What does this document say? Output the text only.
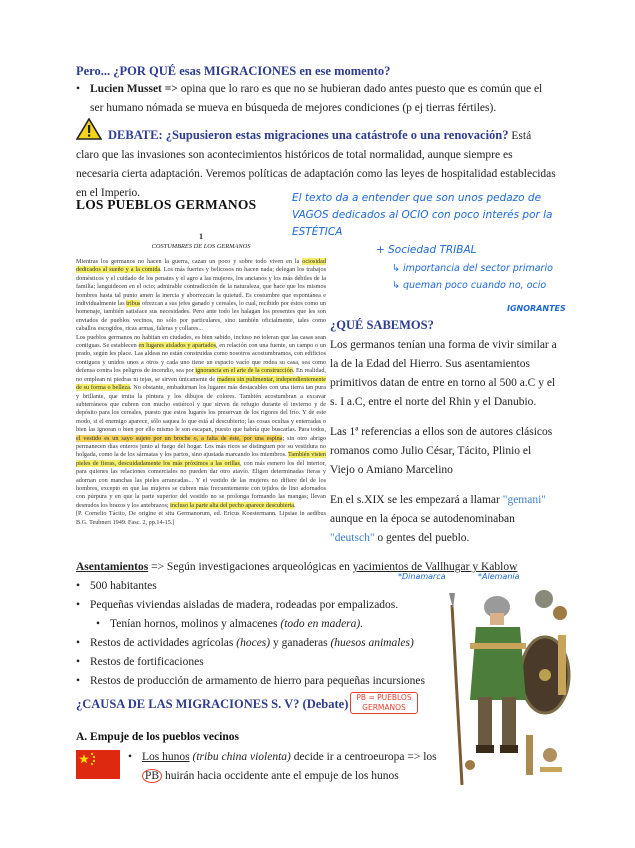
Pero... ¿POR QUÉ esas MIGRACIONES en ese momento?
• Lucien Musset => opina que lo raro es que no se hubieran dado antes puesto que es común que el ser humano nómada se mueva en búsqueda de mejores condiciones (p ej tierras fértiles).
DEBATE: ¿Supusieron estas migraciones una catástrofe o una renovación? Está claro que las invasiones son acontecimientos históricos de total normalidad, aunque siempre es necesaria cierta adaptación. Veremos políticas de adaptación como las leyes de hospitalidad establecidas en el Imperio.
LOS PUEBLOS GERMANOS
1
COSTUMBRES DE LOS GERMANOS
Mientras los germanos no hacen la guerra, cazan un poco y sobre todo viven en la ociosidad dedicados al sueño y a la comida. Los más fuertes y belicosos no hacen nada; delegan los trabajos domésticos y el cuidado de los penates y el agro a las mujeres, los ancianos y los más débiles de la familia; languidecen en el ocio; admirable contradicción de la naturaleza, que hace que los mismos hombres hasta tal punto amen la inercia y aborrezcan la quietud. Es costumbre que espontánea e individualmente las tribus ofrezcan a sus jefes ganado y cereales, lo cual, recibido por éstos como un homenaje, también satisface sus necesidades. Pero ante todo les halagan los presentes que les son enviados de pueblos vecinos, no sólo por particulares, sino también oficialmente, tales como caballos escogidos, ricas armas, faleras y collares...
Los pueblos germanos no habitan en ciudades, es bien sabido, incluso no toleran que las casas sean contiguas. Se establecen en lugares aislados y apartados, en relación con una fuente, un campo o un prado, según les place. Las aldeas no están construidas como nosotros acostumbramos, con edificios contiguos y unidos unos a otros y cada uno tiene un espacio vacío que rodea su casa, sea como defensa contra los peligros de incendio, sea por ignorancia en el arte de la construcción. En realidad, no emplean ni piedras ni tejas, se sirven únicamente de madera sin pulimentar, independientemente de su forma o belleza. No obstante, embadurnan los lugares más destacables con una tierra tan pura y brillante, que imita la pintura y los dibujos de colores. También acostumbran a excavar subterráneos que cubren con mucho estiércol y que sirven de refugio durante el invierno y de depósito para los cereales, puesto que estos lugares los preservan de los rigores del frío. Y de este modo, si el enemigo aparece, sólo saquea lo que está al descubierto; las cosas ocultas y enterradas o bien las ignoran o bien por ello mismo le son escapan, puesto que habría que buscarlas. Para todos, el vestido es un sayo sujeto por un broche o, a falta de éste, por una espina; sin otro abrigo permanecen días enteros junto al fuego del hogar. Los más ricos se distinguen por su vestidura no holgada, como la de los sármatas y los partos, sino ajustada marcando los miembros. También visten pieles de fieras, descuidadamente los más próximos a las orillas, con más esmero los del interior, para quienes las relaciones comerciales no pueden dar otro atavío. Eligen determinadas fieras y adornan con manchas las pieles arrancadas... Y el vestido de las mujeres no difiere del de los hombres, excepto en que las mujeres se cubren más frecuentemente con tejidos de lino adornados con púrpura y en que la parte superior del vestido no se prolonga formando las mangas; llevan desnudos los brazos y los antebrazos; incluso la parte alta del pecho aparece descubierta.
[P. Cornelio Tácito, De origine et situ Germanorum, ed. Ericus Koestermann. Lipsiae in aedibus B.G. Teubneri 1949. Fasc. 2, pp.14-15.]
El texto da a entender que son unos pedazo de VAGOS dedicados al OCIO con poco interés por la ESTÉTICA
+ Sociedad TRIBAL
↳ importancia del sector primario
↳ queman poco cuando no, ocio
IGNORANTES
¿QUÉ SABEMOS?
Los germanos tenían una forma de vivir similar a la de la Edad del Hierro. Sus asentamientos primitivos datan de entre en torno al 500 a.C y el s. I a.C, entre el norte del Rhin y el Danubio.
Las 1ª referencias a ellos son de autores clásicos romanos como Julio César, Tácito, Plinio el Viejo o Amiano Marcelino
En el s.XIX se les empezará a llamar "gemani" aunque en la época se autodenominaban "deutsch" o gentes del pueblo.
Asentamientos => Según investigaciones arqueológicas en yacimientos de Vallhugar y Kablow
*Dinamarca	*Alemania
• 500 habitantes
• Pequeñas viviendas aisladas de madera, rodeadas por empalizados.
• Tenían hornos, molinos y almacenes (todo en madera).
• Restos de actividades agrícolas (hoces) y ganaderas (huesos animales)
• Restos de fortificaciones
• Restos de producción de armamento de hierro para pequeñas incursiones
¿CAUSA DE LAS MIGRACIONES S. V? (Debate)	PB = PUEBLOS GERMANOS
A. Empuje de los pueblos vecinos
• Los hunos (tribu china violenta) decide ir a centroeuropa => los
PB huirán hacia occidente ante el empuje de los hunos
